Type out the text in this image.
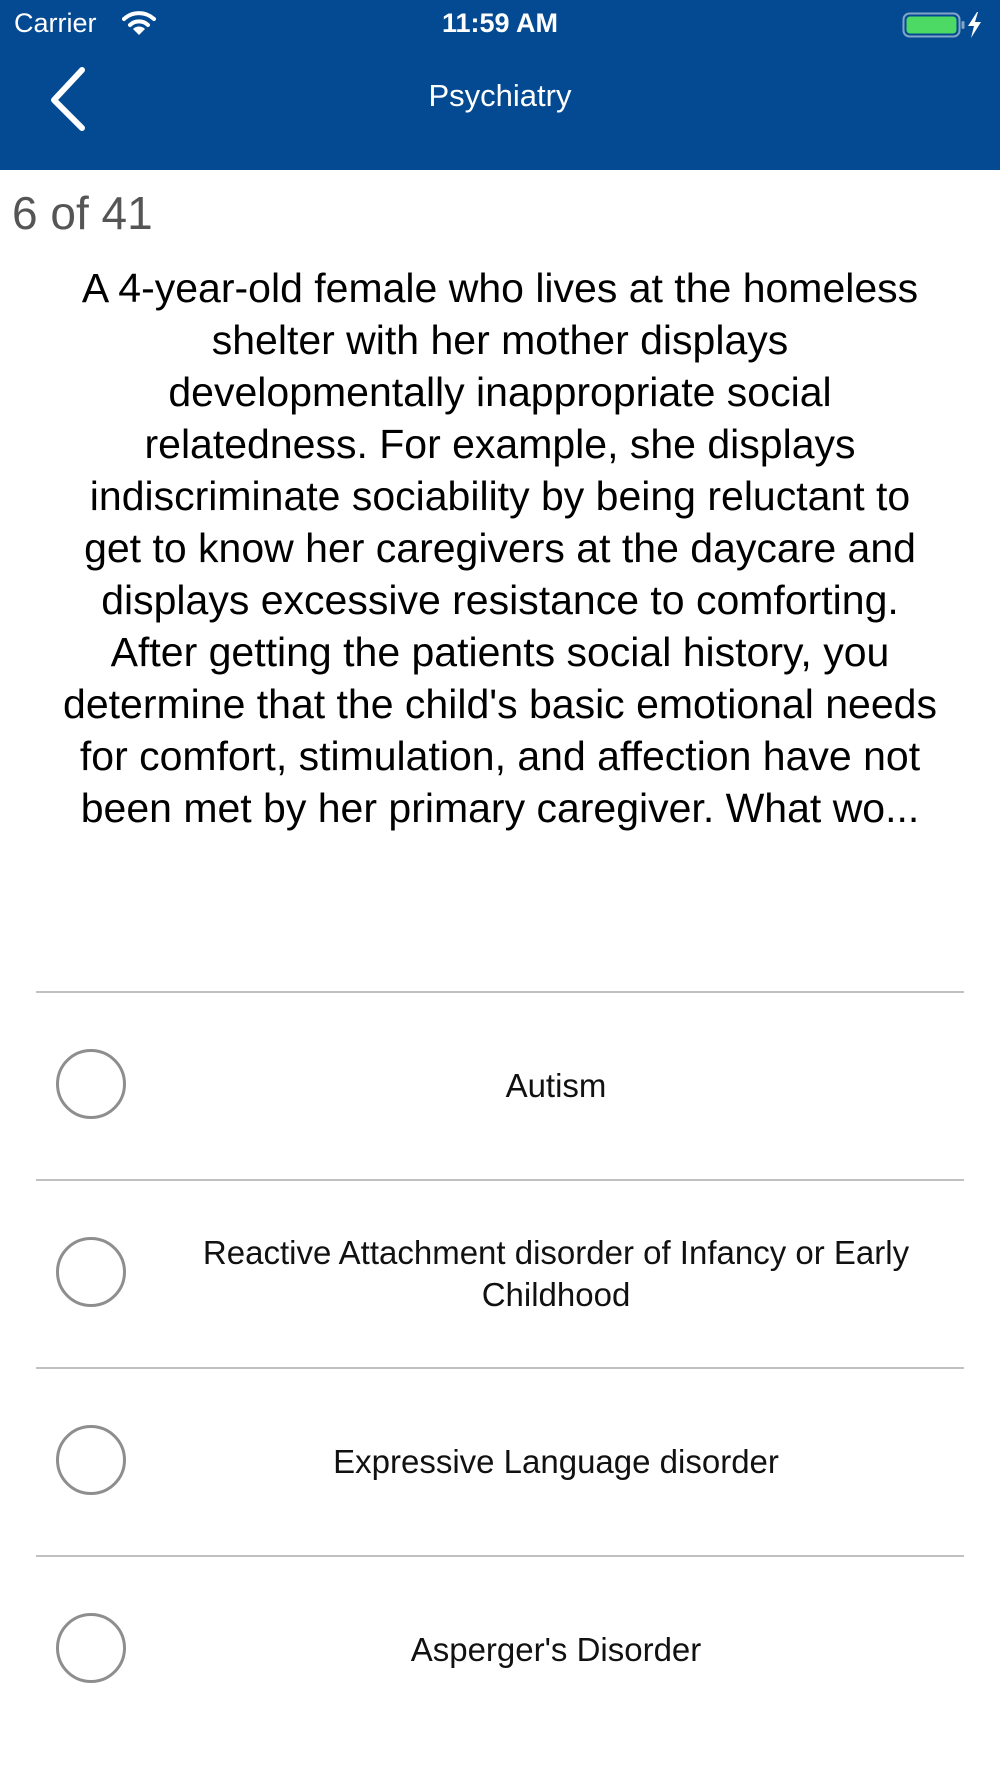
Carrier	11:59 AM
Psychiatry
6 of 41
A 4-year-old female who lives at the homeless shelter with her mother displays developmentally inappropriate social relatedness. For example, she displays indiscriminate sociability by being reluctant to get to know her caregivers at the daycare and displays excessive resistance to comforting. After getting the patients social history, you determine that the child's basic emotional needs for comfort, stimulation, and affection have not been met by her primary caregiver. What wo...
Autism
Reactive Attachment disorder of Infancy or Early Childhood
Expressive Language disorder
Asperger's Disorder
